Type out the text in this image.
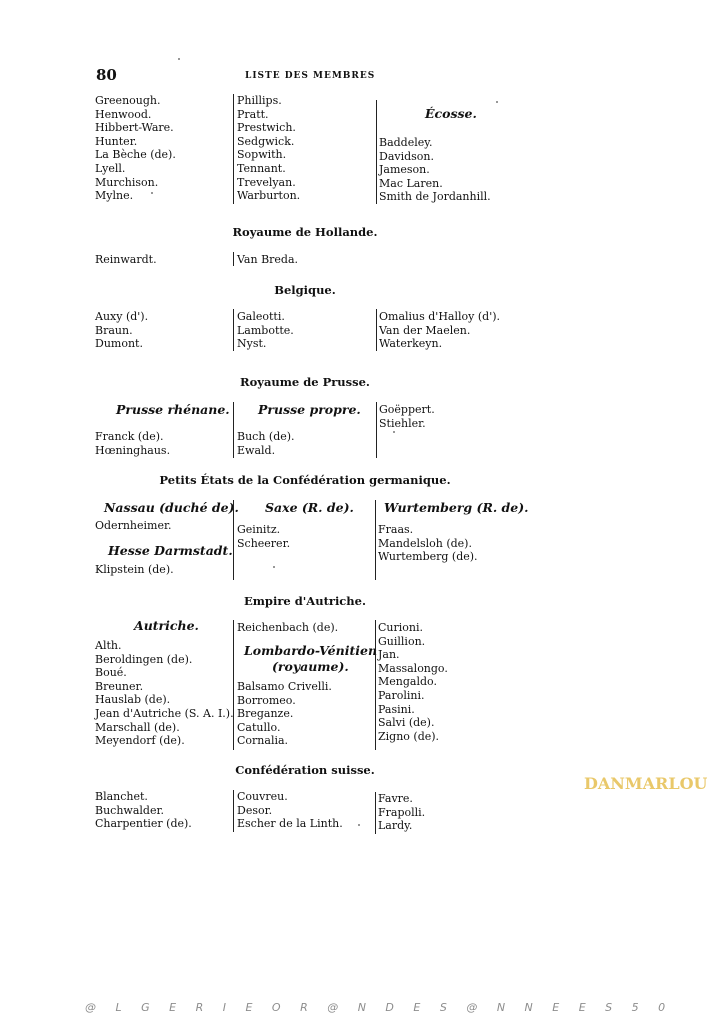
80	LISTE DES MEMBRES
Greenough.
Henwood.
Hibbert-Ware.
Hunter.
La Bèche (de).
Lyell.
Murchison.
Mylne.
Phillips.
Pratt.
Prestwich.
Sedgwick.
Sopwith.
Tennant.
Trevelyan.
Warburton.
Écosse.
Baddeley.
Davidson.
Jameson.
Mac Laren.
Smith de Jordanhill.
Royaume de Hollande.
Reinwardt.	Van Breda.
Belgique.
Auxy (d').
Braun.
Dumont.
Galeotti.
Lambotte.
Nyst.
Omalius d'Halloy (d').
Van der Maelen.
Waterkeyn.
Royaume de Prusse.
Prusse rhénane.
Franck (de).
Hœninghaus.
Prusse propre.
Buch (de).
Ewald.
Goëppert.
Stiehler.
Petits États de la Confédération germanique.
Nassau (duché de).
Odernheimer.
Hesse Darmstadt.
Klipstein (de).
Saxe (R. de).
Geinitz.
Scheerer.
Wurtemberg (R. de).
Fraas.
Mandelsloh (de).
Wurtemberg (de).
Empire d'Autriche.
Autriche.
Alth.
Beroldingen (de).
Boué.
Breuner.
Hauslab (de).
Jean d'Autriche (S. A. I.).
Marschall (de).
Meyendorf (de).
Reichenbach (de).
Lombardo-Vénitien
(royaume).
Balsamo Crivelli.
Borromeo.
Breganze.
Catullo.
Cornalia.
Curioni.
Guillion.
Jan.
Massalongo.
Mengaldo.
Parolini.
Pasini.
Salvi (de).
Zigno (de).
Confédération suisse.
Blanchet.
Buchwalder.
Charpentier (de).
Couvreu.
Desor.
Escher de la Linth.
Favre.
Frapolli.
Lardy.
DANMARLOU
@ L G E R I E O R @ N D E S @ N N E E S 5 0
